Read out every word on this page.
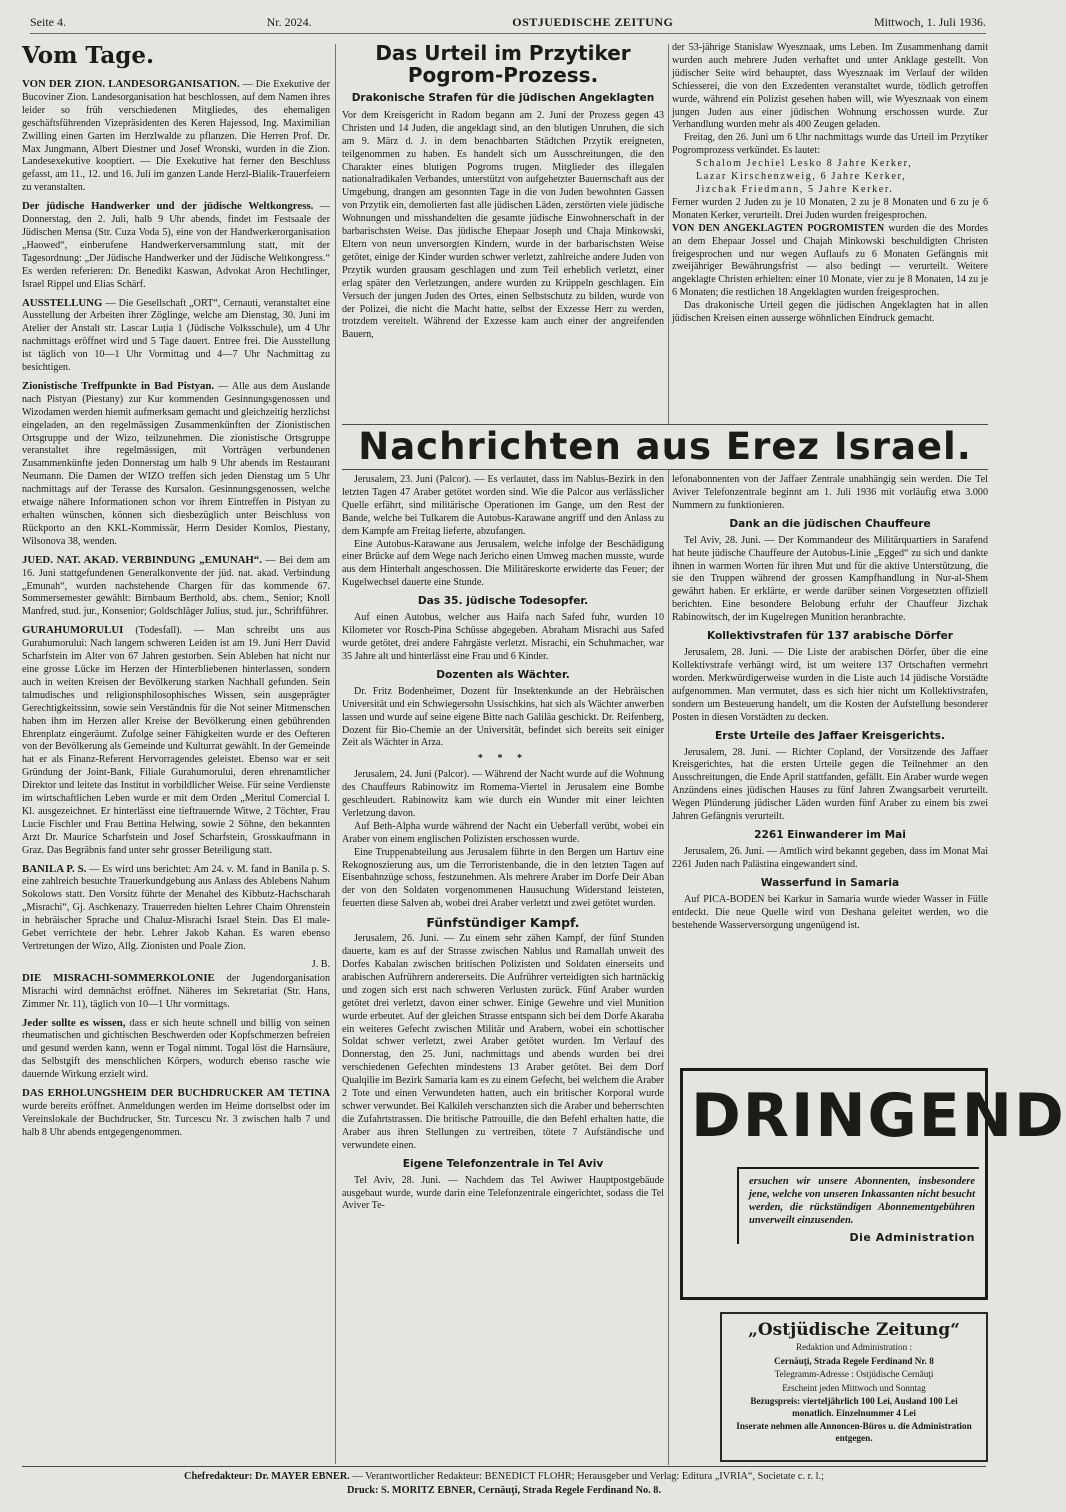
Seite 4.	Nr. 2024.	OSTJUEDISCHE ZEITUNG	Mittwoch, 1. Juli 1936.
Vom Tage.

VON DER ZION. LANDESORGANISATION. — Die Exekutive der Bucoviner Zion. Landesorganisation hat beschlossen, auf dem Namen ihres leider so früh verschiedenen Mitgliedes, des ehemaligen geschäftsführenden Vizepräsidenten des Keren Hajessod, Ing. Maximilian Zwilling einen Garten im Herzlwalde zu pflanzen. Die Herren Prof. Dr. Max Jungmann, Albert Diestner und Josef Wronski, wurden in die Zion. Landesexekutive kooptiert. — Die Exekutive hat ferner den Beschluss gefasst, am 11., 12. und 16. Juli im ganzen Lande Herzl-Bialik-Trauerfeiern zu veranstalten.

Der jüdische Handwerker und der jüdische Weltkongress. — Donnerstag, den 2. Juli, halb 9 Uhr abends, findet im Festsaale der Jüdischen Mensa (Str. Cuza Voda 5), eine von der Handwerkerorganisation „Haowed“, einberufene Handwerkerversammlung statt, mit der Tagesordnung: „Der Jüdische Handwerker und der Jüdische Weltkongress.“ Es werden referieren: Dr. Benedikt Kaswan, Advokat Aron Hechtlinger, Israel Rippel und Elias Schärf.

AUSSTELLUNG — Die Gesellschaft „ORT“, Cernauti, veranstaltet eine Ausstellung der Arbeiten ihrer Zöglinge, welche am Dienstag, 30. Juni im Atelier der Anstalt str. Lascar Luția 1 (Jüdische Volksschule), um 4 Uhr nachmittags eröffnet wird und 5 Tage dauert. Entree frei. Die Ausstellung ist täglich von 10—1 Uhr Vormittag und 4—7 Uhr Nachmittag zu besichtigen.

Zionistische Treffpunkte in Bad Pistyan. — Alle aus dem Auslande nach Pistyan (Piestany) zur Kur kommenden Gesinnungsgenossen und Wizodamen werden hiemit aufmerksam gemacht und gleichzeitig herzlichst eingeladen, an den regelmässigen Zusammenkünften der Zionistischen Ortsgruppe und der Wizo, teilzunehmen. Die zionistische Ortsgruppe veranstaltet ihre regelmässigen, mit Vorträgen verbundenen Zusammenkünfte jeden Donnerstag um halb 9 Uhr abends im Restaurant Neumann. Die Damen der WIZO treffen sich jeden Dienstag um 5 Uhr nachmittags auf der Terasse des Kursalon. Gesinnungsgenossen, welche etwaige nähere Informationen schon vor ihrem Eintreffen in Pistyan zu erhalten wünschen, können sich diesbezüglich unter Beischluss von Rückporto an den KKL-Kommissär, Herrn Desider Komlos, Piestany, Wilsonova 38, wenden.

JUED. NAT. AKAD. VERBINDUNG „EMUNAH“. — Bei dem am 16. Juni stattgefundenen Generalkonvente der jüd. nat. akad. Verbindung „Emunah“, wurden nachstehende Chargen für das kommende 67. Sommersemester gewählt: Birnbaum Berthold, abs. chem., Senior; Knoll Manfred, stud. jur., Konsenior; Goldschläger Julius, stud. jur., Schriftführer.

GURAHUMORULUI (Todesfall). — Man schreibt uns aus Gurahumorului: Nach langem schweren Leiden ist am 19. Juni Herr David Scharfstein im Alter von 67 Jahren gestorben. Sein Ableben hat nicht nur eine grosse Lücke im Herzen der Hinterbliebenen hinterlassen, sondern auch in weiten Kreisen der Bevölkerung starken Nachhall gefunden. Sein talmudisches und religionsphilosophisches Wissen, sein ausgeprägter Gerechtigkeitssinn, sowie sein Verständnis für die Not seiner Mitmenschen haben ihm im Herzen aller Kreise der Bevölkerung einen gebührenden Ehrenplatz eingeräumt. Zufolge seiner Fähigkeiten wurde er des Oefteren von der Bevölkerung als Gemeinde und Kulturrat gewählt. In der Gemeinde hat er als Finanz-Referent Hervorragendes geleistet. Ebenso war er seit Gründung der Joint-Bank, Filiale Gurahumorului, deren ehrenamtlicher Direktor und leitete das Institut in vorbildlicher Weise. Für seine Verdienste im wirtschaftlichen Leben wurde er mit dem Orden „Meritul Comercial I. Kl. ausgezeichnet. Er hinterlässt eine tieftrauernde Witwe, 2 Töchter, Frau Lucie Fischler und Frau Bettina Helwing, sowie 2 Söhne, den bekannten Arzt Dr. Maurice Scharfstein und Josef Scharfstein, Grosskaufmann in Graz. Das Begräbnis fand unter sehr grosser Beteiligung statt.

BANILA P. S. — Es wird uns berichtet: Am 24. v. M. fand in Banila p. S. eine zahlreich besuchte Trauerkundgebung aus Anlass des Ablebens Nahum Sokolows statt. Den Vorsitz führte der Menahel des Kibbutz-Hachscharah „Misrachi“, Gj. Aschkenazy. Trauerreden hielten Lehrer Chaim Ohrenstein in hebräischer Sprache und Chaluz-Misrachi Israel Stein. Das El male-Gebet verrichtete der hebr. Lehrer Jakob Kahan. Es waren ebenso Vertretungen der Wizo, Allg. Zionisten und Poale Zion.

J. B.

DIE MISRACHI-SOMMERKOLONIE der Jugendorganisation Misrachi wird demnächst eröffnet. Näheres im Sekretariat (Str. Hans, Zimmer Nr. 11), täglich von 10—1 Uhr vormittags.

Jeder sollte es wissen, dass er sich heute schnell und billig von seinen rheumatischen und gichtischen Beschwerden oder Kopfschmerzen befreien und gesund werden kann, wenn er Togal nimmt. Togal löst die Harnsäure, das Selbstgift des menschlichen Körpers, wodurch ebenso rasche wie dauernde Wirkung erzielt wird.

DAS ERHOLUNGSHEIM DER BUCHDRUCKER AM TETINA wurde bereits eröffnet. Anmeldungen werden im Heime dortselbst oder im Vereinslokale der Buchdrucker, Str. Turcescu Nr. 3 zwischen halb 7 und halb 8 Uhr abends entgegengenommen.

Das Urteil im Przytiker Pogrom-Prozess.
Drakonische Strafen für die jüdischen Angeklagten

Vor dem Kreisgericht in Radom begann am 2. Juni der Prozess gegen 43 Christen und 14 Juden, die angeklagt sind, an den blutigen Unruhen, die sich am 9. März d. J. in dem benachbarten Städtchen Przytik ereigneten, teilgenommen zu haben. Es handelt sich um Ausschreitungen, die den Charakter eines blutigen Pogroms trugen. Mitglieder des illegalen nationalradikalen Verbandes, unterstützt von aufgehetzter Bauernschaft aus der Umgebung, drangen am gesonnten Tage in die von Juden bewohnten Gassen von Przytik ein, demolierten fast alle jüdischen Läden, zerstörten viele jüdische Wohnungen und misshandelten die gesamte jüdische Einwohnerschaft in der barbarischsten Weise. Das jüdische Ehepaar Joseph und Chaja Minkowski, Eltern von neun unversorgten Kindern, wurde in der barbarischsten Weise getötet, einige der Kinder wurden schwer verletzt, zahlreiche andere Juden von Przytik wurden grausam geschlagen und zum Teil erheblich verletzt, einer erlag später den Verletzungen, andere wurden zu Krüppeln geschlagen. Ein Versuch der jungen Juden des Ortes, einen Selbstschutz zu bilden, wurde von der Polizei, die nicht die Macht hatte, selbst der Exzesse Herr zu werden, trotzdem vereitelt. Während der Exzesse kam auch einer der angreifenden Bauern,

der 53-jährige Stanislaw Wyesznaak, ums Leben. Im Zusammenhang damit wurden auch mehrere Juden verhaftet und unter Anklage gestellt. Von jüdischer Seite wird behauptet, dass Wyesznaak im Verlauf der wilden Schiesserei, die von den Exzedenten veranstaltet wurde, tödlich getroffen wurde, während ein Polizist gesehen haben will, wie Wyesznaak von einem jungen Juden aus einer jüdischen Wohnung erschossen wurde. Zur Verhandlung wurden mehr als 400 Zeugen geladen.

Freitag, den 26. Juni um 6 Uhr nachmittags wurde das Urteil im Przytiker Pogromprozess verkündet. Es lautet:

Schalom Jechiel Lesko 8 Jahre Kerker,
Lazar Kirschenzweig, 6 Jahre Kerker,
Jizchak Friedmann, 5 Jahre Kerker.

Ferner wurden 2 Juden zu je 10 Monaten, 2 zu je 8 Monaten und 6 zu je 6 Monaten Kerker, verurteilt. Drei Juden wurden freigesprochen.

VON DEN ANGEKLAGTEN POGROMISTEN wurden die des Mordes an dem Ehepaar Jossel und Chajah Minkowski beschuldigten Christen freigesprochen und nur wegen Auflaufs zu 6 Monaten Gefängnis mit zweijähriger Bewährungsfrist — also bedingt — verurteilt. Weitere angeklagte Christen erhielten: einer 10 Monate, vier zu je 8 Monaten, 14 zu je 6 Monaten; die restlichen 18 Angeklagten wurden freigesprochen.

Das drakonische Urteil gegen die jüdischen Angeklagten hat in allen jüdischen Kreisen einen ausserge wöhnlichen Eindruck gemacht.

Nachrichten aus Erez Israel.

Jerusalem, 23. Juni (Palcor). — Es verlautet, dass im Nablus-Bezirk in den letzten Tagen 47 Araber getötet worden sind. Wie die Palcor aus verlässlicher Quelle erfährt, sind militärische Operationen im Gange, um den Rest der Bande, welche bei Tulkarem die Autobus-Karawane angriff und den Anlass zu dem Kampfe am Freitag lieferte, abzufangen.

Eine Autobus-Karawane aus Jerusalem, welche infolge der Beschädigung einer Brücke auf dem Wege nach Jericho einen Umweg machen musste, wurde aus dem Hinterhalt angeschossen. Die Militäreskorte erwiderte das Feuer; der Kugelwechsel dauerte eine Stunde.

Das 35. jüdische Todesopfer.

Auf einen Autobus, welcher aus Haifa nach Safed fuhr, wurden 10 Kilometer vor Rosch-Pina Schüsse abgegeben. Abraham Misrachi aus Safed wurde getötet, drei andere Fahrgäste verletzt. Misrachi, ein Schuhmacher, war 35 Jahre alt und hinterlässt eine Frau und 6 Kinder.

Dozenten als Wächter.

Dr. Fritz Bodenheimer, Dozent für Insektenkunde an der Hebräischen Universität und ein Schwiegersohn Ussischkins, hat sich als Wächter anwerben lassen und wurde auf seine eigene Bitte nach Galiläa geschickt. Dr. Reifenberg, Dozent für Bio-Chemie an der Universität, befindet sich bereits seit einiger Zeit als Wächter in Arza.

* * *

Jerusalem, 24. Juni (Palcor). — Während der Nacht wurde auf die Wohnung des Chauffeurs Rabinowitz im Romema-Viertel in Jerusalem eine Bombe geschleudert. Rabinowitz kam wie durch ein Wunder mit einer leichten Verletzung davon.

Auf Beth-Alpha wurde während der Nacht ein Ueberfall verübt, wobei ein Araber von einem englischen Polizisten erschossen wurde.

Eine Truppenabteilung aus Jerusalem führte in den Bergen um Hartuv eine Rekognoszierung aus, um die Terroristenbande, die in den letzten Tagen auf Eisenbahnzüge schoss, festzunehmen. Als mehrere Araber im Dorfe Deir Aban der von den Soldaten vorgenommenen Hausuchung Widerstand leisteten, feuerten diese Salven ab, wobei drei Araber verletzt und zwei getötet wurden.

Fünfstündiger Kampf.

Jerusalem, 26. Juni. — Zu einem sehr zähen Kampf, der fünf Stunden dauerte, kam es auf der Strasse zwischen Nablus und Ramallah unweit des Dorfes Kabalan zwischen britischen Polizisten und Soldaten einerseits und arabischen Aufrührern andererseits. Die Aufrührer verteidigten sich hartnäckig und zogen sich erst nach schweren Verlusten zurück. Fünf Araber wurden getötet drei verletzt, davon einer schwer. Einige Gewehre und viel Munition wurde erbeutet. Auf der gleichen Strasse entspann sich bei dem Dorfe Akaraba ein weiteres Gefecht zwischen Militär und Arabern, wobei ein schottischer Soldat schwer verletzt, zwei Araber getötet wurden. Im Verlauf des Donnerstag, den 25. Juni, nachmittags und abends wurden bei drei verschiedenen Gefechten mindestens 13 Araber getötet. Bei dem Dorf Qualqilie im Bezirk Samaria kam es zu einem Gefecht, bei welchem die Araber 2 Tote und einen Verwundeten hatten, auch ein britischer Korporal wurde schwer verwundet. Bei Kalkileh verschanzten sich die Araber und beherrschten die Zufahrtstrassen. Die britische Patrouille, die den Befehl erhalten hatte, die Araber aus ihren Stellungen zu vertreiben, tötete 7 Aufständische und verwundete einen.

Eigene Telefonzentrale in Tel Aviv

Tel Aviv, 28. Juni. — Nachdem das Tel Awiwer Hauptpostgebäude ausgebaut wurde, wurde darin eine Telefonzentrale eingerichtet, sodass die Tel Aviver Te-

lefonabonnenten von der Jaffaer Zentrale unabhängig sein werden. Die Tel Aviver Telefonzentrale beginnt am 1. Juli 1936 mit vorläufig etwa 3.000 Nummern zu funktionieren.

Dank an die jüdischen Chauffeure

Tel Aviv, 28. Juni. — Der Kommandeur des Militärquartiers in Sarafend hat heute jüdische Chauffeure der Autobus-Linie „Egged“ zu sich und dankte ihnen in warmen Worten für ihren Mut und für die aktive Unterstützung, die sie den Truppen während der grossen Kampfhandlung in Nur-al-Shem gewährt haben. Er erklärte, er werde darüber seinen Vorgesetzten offiziell berichten. Eine besondere Belobung erfuhr der Chauffeur Jizchak Rabinowitsch, der im Kugelregen Munition heranbrachte.

Kollektivstrafen für 137 arabische Dörfer

Jerusalem, 28. Juni. — Die Liste der arabischen Dörfer, über die eine Kollektivstrafe verhängt wird, ist um weitere 137 Ortschaften vermehrt worden. Merkwürdigerweise wurden in die Liste auch 14 jüdische Vorstädte aufgenommen. Man vermutet, dass es sich hier nicht um Kollektivstrafen, sondern um Besteuerung handelt, um die Kosten der Aufstellung besonderer Posten in diesen Vorstädten zu decken.

Erste Urteile des Jaffaer Kreisgerichts.

Jerusalem, 28. Juni. — Richter Copland, der Vorsitzende des Jaffaer Kreisgerichtes, hat die ersten Urteile gegen die Teilnehmer an den Ausschreitungen, die Ende April stattfanden, gefällt. Ein Araber wurde wegen Anzündens eines jüdischen Hauses zu fünf Jahren Zwangsarbeit verurteilt. Wegen Plünderung jüdischer Läden wurden fünf Araber zu einem bis zwei Jahren Gefängnis verurteilt.

2261 Einwanderer im Mai

Jerusalem, 26. Juni. — Amtlich wird bekannt gegeben, dass im Monat Mai 2261 Juden nach Palästina eingewandert sind.

Wasserfund in Samaria

Auf PICA-BODEN bei Karkur in Samaria wurde wieder Wasser in Fülle entdeckt. Die neue Quelle wird von Deshana geleitet werden, wo die bestehende Wasserversorgung ungenügend ist.

DRINGEND
ersuchen wir unsere Abonnenten, insbesondere jene, welche von unseren Inkassanten nicht besucht werden, die rückständigen Abonnementgebühren unverweilt einzusenden.
Die Administration
„Ostjüdische Zeitung“
Redaktion und Administration :
Cernăuţi, Strada Regele Ferdinand Nr. 8
Telegramm-Adresse : Ostjüdische Cernăuţi
Erscheint jeden Mittwoch und Sonntag
Bezugspreis: vierteljährlich 100 Lei, Ausland 100 Lei monatlich. Einzelnummer 4 Lei
Inserate nehmen alle Annoncen-Büros u. die Administration entgegen.
Chefredakteur: Dr. MAYER EBNER. — Verantwortlicher Redakteur: BENEDICT FLOHR; Herausgeber und Verlag: Editura „IVRIA“, Societate c. r. l.;
Druck: S. MORITZ EBNER, Cernăuţi, Strada Regele Ferdinand No. 8.
